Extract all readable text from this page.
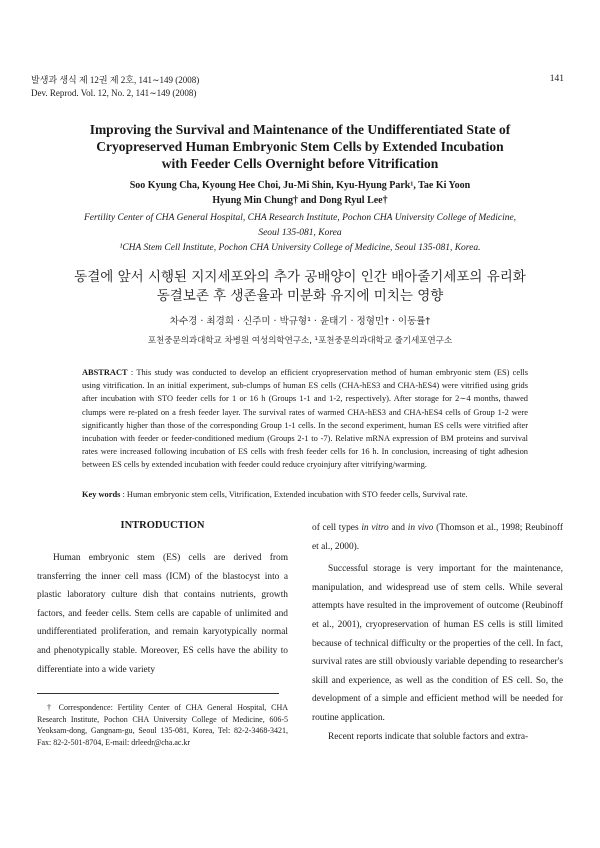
발생과 생식 제 12권 제 2호, 141∼149 (2008)
Dev. Reprod. Vol. 12, No. 2, 141∼149 (2008)
141
Improving the Survival and Maintenance of the Undifferentiated State of
Cryopreserved Human Embryonic Stem Cells by Extended Incubation
with Feeder Cells Overnight before Vitrification
Soo Kyung Cha, Kyoung Hee Choi, Ju-Mi Shin, Kyu-Hyung Park¹, Tae Ki Yoon
Hyung Min Chung† and Dong Ryul Lee†
Fertility Center of CHA General Hospital, CHA Research Institute, Pochon CHA University College of Medicine,
Seoul 135-081, Korea
¹CHA Stem Cell Institute, Pochon CHA University College of Medicine, Seoul 135-081, Korea.
동결에 앞서 시행된 지지세포와의 추가 공배양이 인간 배아줄기세포의 유리화
동결보존 후 생존율과 미분화 유지에 미치는 영향
차수경 · 최경희 · 신주미 · 박규형¹ · 윤태기 · 정형민† · 이동률†
포천중문의과대학교 차병원 여성의학연구소, ¹포천중문의과대학교 줄기세포연구소
ABSTRACT : This study was conducted to develop an efficient cryopreservation method of human embryonic stem (ES) cells using vitrification. In an initial experiment, sub-clumps of human ES cells (CHA-hES3 and CHA-hES4) were vitrified using grids after incubation with STO feeder cells for 1 or 16 h (Groups 1-1 and 1-2, respectively). After storage for 2∼4 months, thawed clumps were re-plated on a fresh feeder layer. The survival rates of warmed CHA-hES3 and CHA-hES4 cells of Group 1-2 were significantly higher than those of the corresponding Group 1-1 cells. In the second experiment, human ES cells were vitrified after incubation with feeder or feeder-conditioned medium (Groups 2-1 to -7). Relative mRNA expression of BM proteins and survival rates were increased following incubation of ES cells with fresh feeder cells for 16 h. In conclusion, increasing of tight adhesion between ES cells by extended incubation with feeder could reduce cryoinjury after vitrifying/warming.
Key words : Human embryonic stem cells, Vitrification, Extended incubation with STO feeder cells, Survival rate.
INTRODUCTION

Human embryonic stem (ES) cells are derived from transferring the inner cell mass (ICM) of the blastocyst into a plastic laboratory culture dish that contains nutrients, growth factors, and feeder cells. Stem cells are capable of unlimited and undifferentiated proliferation, and remain karyotypically normal and phenotypically stable. Moreover, ES cells have the ability to differentiate into a wide variety

† Correspondence: Fertility Center of CHA General Hospital, CHA Research Institute, Pochon CHA University College of Medicine, 606-5 Yeoksam-dong, Gangnam-gu, Seoul 135-081, Korea, Tel: 82-2-3468-3421, Fax: 82-2-501-8704, E-mail: drleedr@cha.ac.kr

of cell types in vitro and in vivo (Thomson et al., 1998; Reubinoff et al., 2000).

Successful storage is very important for the maintenance, manipulation, and widespread use of stem cells. While several attempts have resulted in the improvement of outcome (Reubinoff et al., 2001), cryopreservation of human ES cells is still limited because of technical difficulty or the properties of the cell. In fact, survival rates are still obviously variable depending to researcher's skill and experience, as well as the condition of ES cell. So, the development of a simple and efficient method will be needed for routine application.

Recent reports indicate that soluble factors and extra-
